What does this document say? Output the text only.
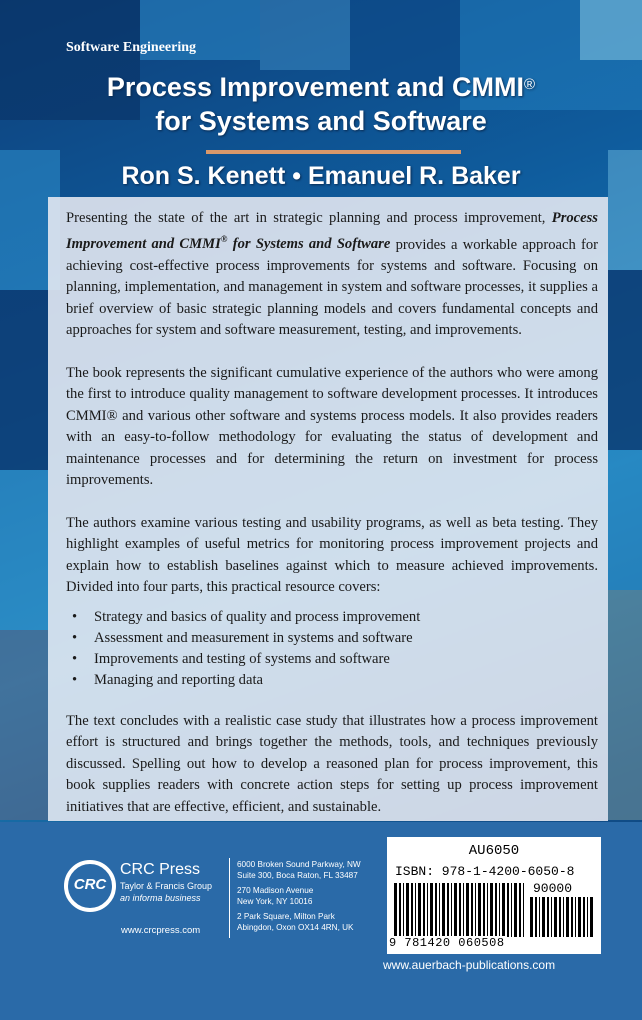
Software Engineering
Process Improvement and CMMI®
for Systems and Software
Ron S. Kenett • Emanuel R. Baker

Presenting the state of the art in strategic planning and process improvement, Process Improvement and CMMI® for Systems and Software provides a workable approach for achieving cost-effective process improvements for systems and software. Focusing on planning, implementation, and management in system and software processes, it supplies a brief overview of basic strategic planning models and covers fundamental concepts and approaches for system and software measurement, testing, and improvements.

The book represents the significant cumulative experience of the authors who were among the first to introduce quality management to software development processes. It introduces CMMI® and various other software and systems process models. It also provides readers with an easy-to-follow methodology for evaluating the status of development and maintenance processes and for determining the return on investment for process improvements.

The authors examine various testing and usability programs, as well as beta testing. They highlight examples of useful metrics for monitoring process improvement projects and explain how to establish baselines against which to measure achieved improvements. Divided into four parts, this practical resource covers:

• Strategy and basics of quality and process improvement
• Assessment and measurement in systems and software
• Improvements and testing of systems and software
• Managing and reporting data

The text concludes with a realistic case study that illustrates how a process improvement effort is structured and brings together the methods, tools, and techniques previously discussed. Spelling out how to develop a reasoned plan for process improvement, this book supplies readers with concrete action steps for setting up process improvement initiatives that are effective, efficient, and sustainable.

CRC
CRC Press
Taylor & Francis Group
an informa business
www.crcpress.com
6000 Broken Sound Parkway, NW
Suite 300, Boca Raton, FL 33487
270 Madison Avenue
New York, NY 10016
2 Park Square, Milton Park
Abingdon, Oxon OX14 4RN, UK
AU6050
ISBN: 978-1-4200-6050-8
90000
9 781420 060508
www.auerbach-publications.com
